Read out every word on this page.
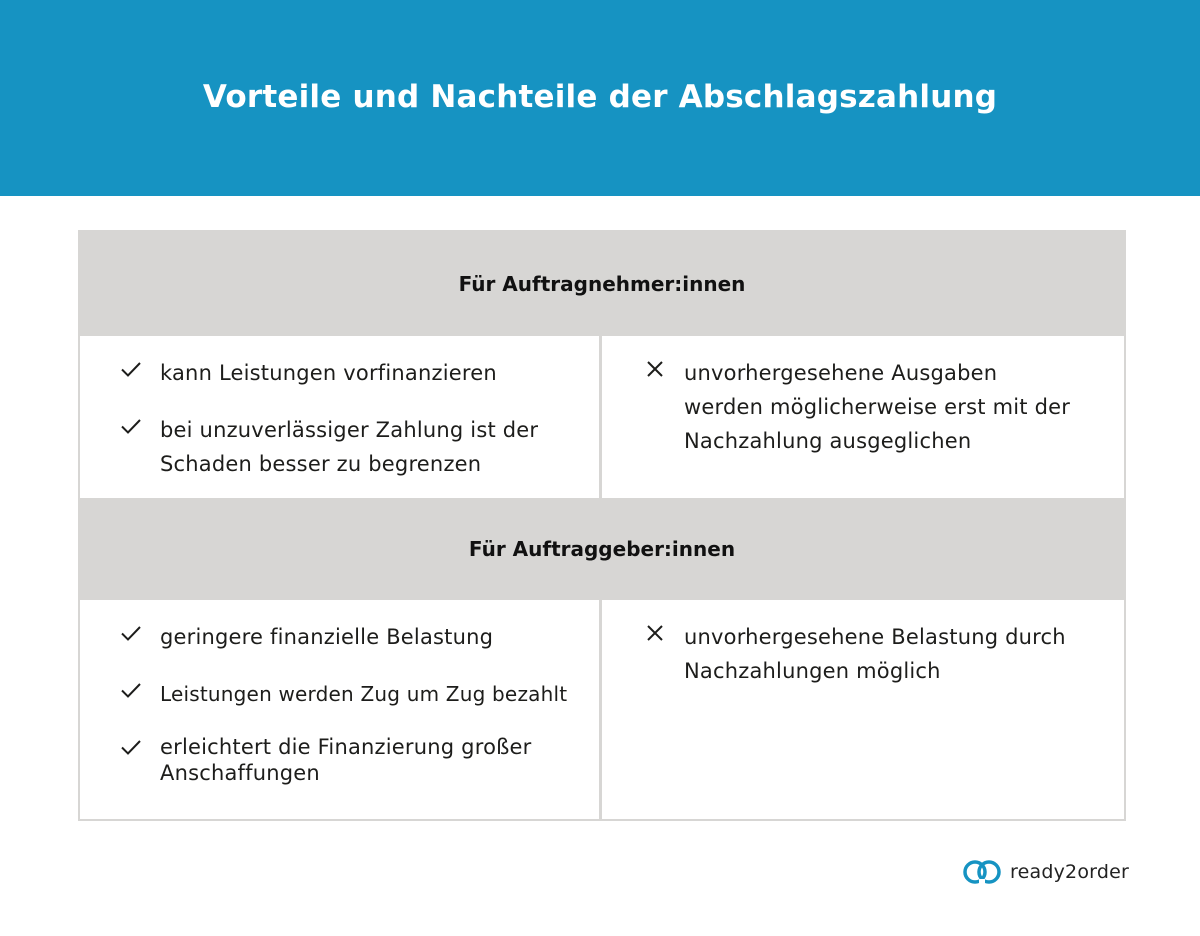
Vorteile und Nachteile der Abschlagszahlung
Für Auftragnehmer:innen
kann Leistungen vorfinanzieren
bei unzuverlässiger Zahlung ist der Schaden besser zu begrenzen
unvorhergesehene Ausgaben werden möglicherweise erst mit der Nachzahlung ausgeglichen
Für Auftraggeber:innen
geringere finanzielle Belastung
Leistungen werden Zug um Zug bezahlt
erleichtert die Finanzierung großer Anschaffungen
unvorhergesehene Belastung durch Nachzahlungen möglich
ready2order
